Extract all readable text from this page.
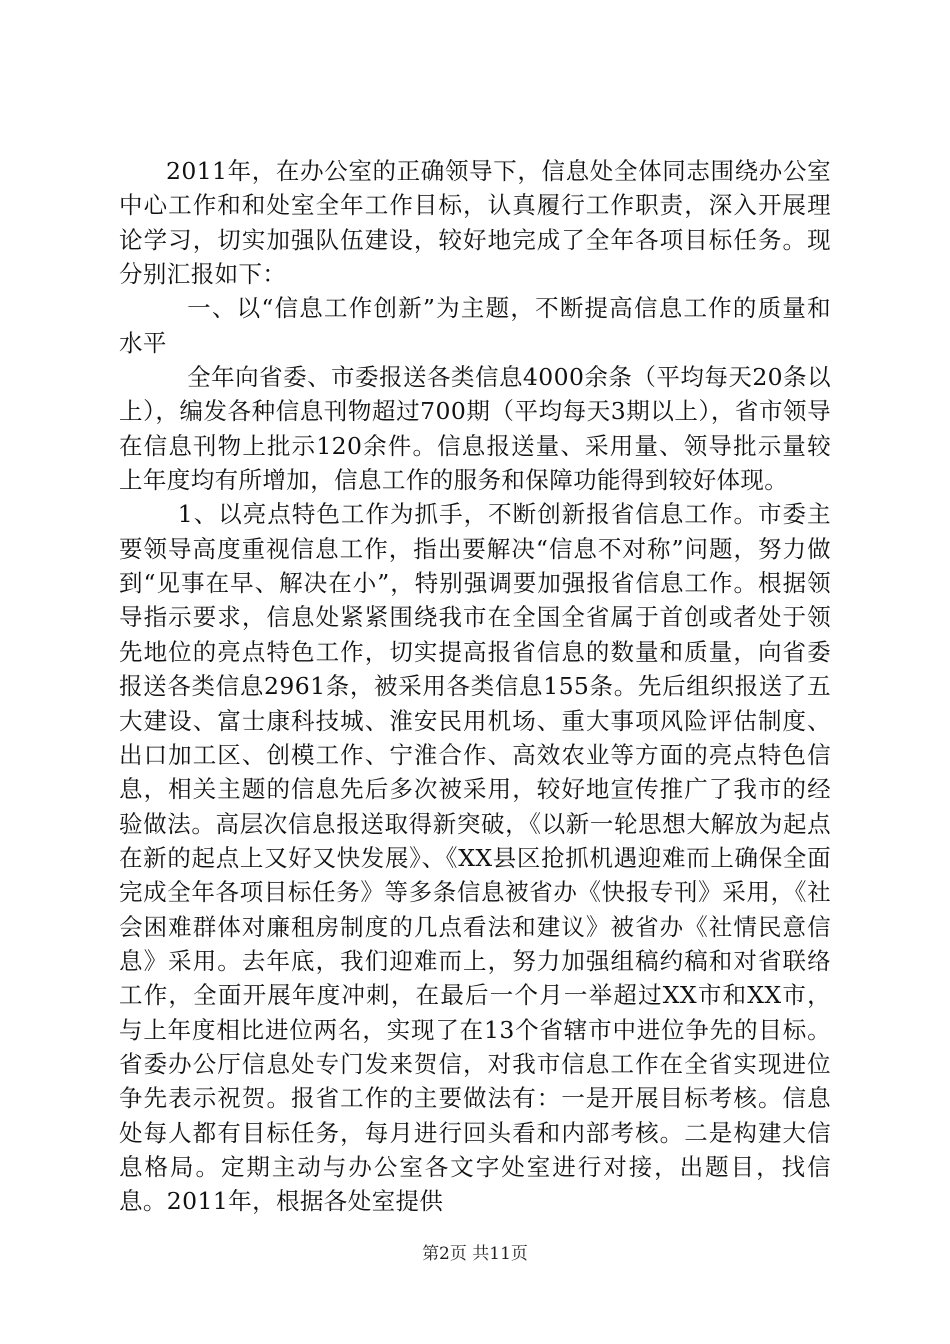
2011年，在办公室的正确领导下，信息处全体同志围绕办公室中心工作和和处室全年工作目标，认真履行工作职责，深入开展理论学习，切实加强队伍建设，较好地完成了全年各项目标任务。现分别汇报如下：

一、以“信息工作创新”为主题，不断提高信息工作的质量和水平

全年向省委、市委报送各类信息4000余条（平均每天20条以上），编发各种信息刊物超过700期（平均每天3期以上），省市领导在信息刊物上批示120余件。信息报送量、采用量、领导批示量较上年度均有所增加，信息工作的服务和保障功能得到较好体现。

1、以亮点特色工作为抓手，不断创新报省信息工作。市委主要领导高度重视信息工作，指出要解决“信息不对称”问题，努力做到“见事在早、解决在小”，特别强调要加强报省信息工作。根据领导指示要求，信息处紧紧围绕我市在全国全省属于首创或者处于领先地位的亮点特色工作，切实提高报省信息的数量和质量，向省委报送各类信息2961条，被采用各类信息155条。先后组织报送了五大建设、富士康科技城、淮安民用机场、重大事项风险评估制度、出口加工区、创模工作、宁淮合作、高效农业等方面的亮点特色信息，相关主题的信息先后多次被采用，较好地宣传推广了我市的经验做法。高层次信息报送取得新突破，《以新一轮思想大解放为起点在新的起点上又好又快发展》、《XX县区抢抓机遇迎难而上确保全面完成全年各项目标任务》等多条信息被省办《快报专刊》采用，《社会困难群体对廉租房制度的几点看法和建议》被省办《社情民意信息》采用。去年底，我们迎难而上，努力加强组稿约稿和对省联络工作，全面开展年度冲刺，在最后一个月一举超过XX市和XX市，与上年度相比进位两名，实现了在13个省辖市中进位争先的目标。省委办公厅信息处专门发来贺信，对我市信息工作在全省实现进位争先表示祝贺。报省工作的主要做法有：一是开展目标考核。信息处每人都有目标任务，每月进行回头看和内部考核。二是构建大信息格局。定期主动与办公室各文字处室进行对接，出题目，找信息。2011年，根据各处室提供

第2页 共11页
